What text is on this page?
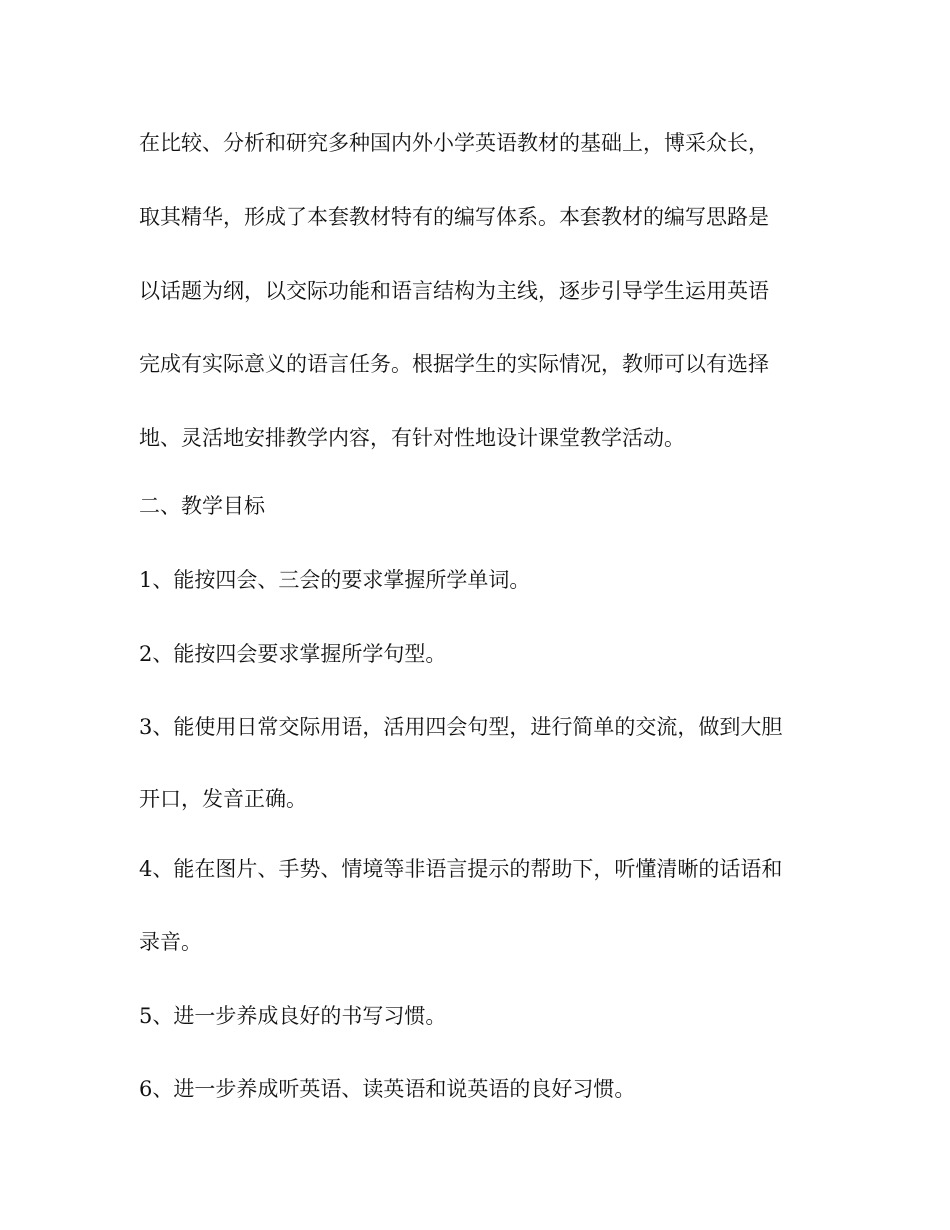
在比较、分析和研究多种国内外小学英语教材的基础上，博采众长，

取其精华，形成了本套教材特有的编写体系。本套教材的编写思路是

以话题为纲，以交际功能和语言结构为主线，逐步引导学生运用英语

完成有实际意义的语言任务。根据学生的实际情况，教师可以有选择

地、灵活地安排教学内容，有针对性地设计课堂教学活动。

二、教学目标

1、能按四会、三会的要求掌握所学单词。

2、能按四会要求掌握所学句型。

3、能使用日常交际用语，活用四会句型，进行简单的交流，做到大胆

开口，发音正确。

4、能在图片、手势、情境等非语言提示的帮助下，听懂清晰的话语和

录音。

5、进一步养成良好的书写习惯。

6、进一步养成听英语、读英语和说英语的良好习惯。
